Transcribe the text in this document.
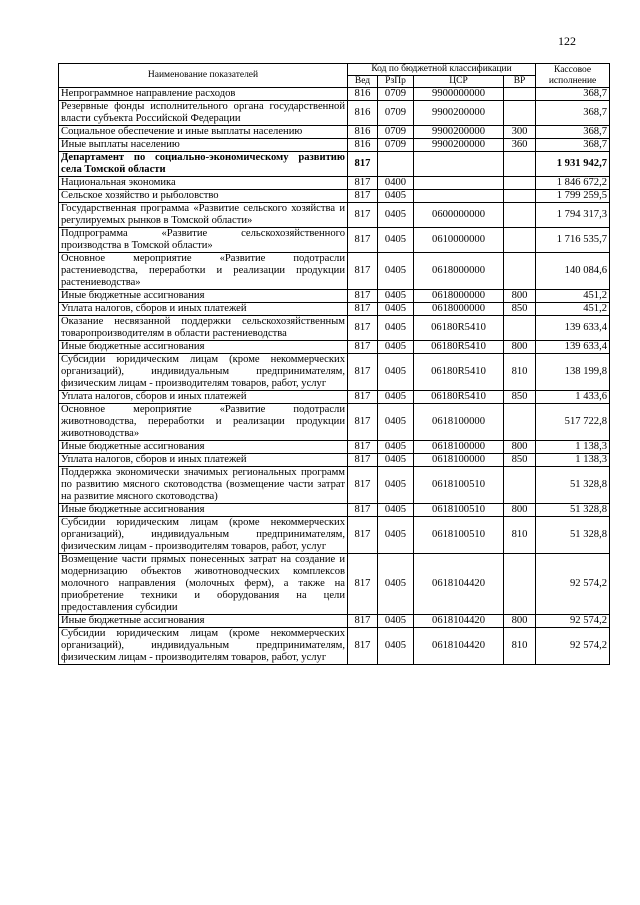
122
Наименование показателей	Код по бюджетной классификации				Кассовое исполнение
	Вед	РзПр	ЦСР	ВР	
Непрограммное направление расходов	816	0709	9900000000		368,7
Резервные фонды исполнительного органа государственной власти субъекта Российской Федерации	816	0709	9900200000		368,7
Социальное обеспечение и иные выплаты населению	816	0709	9900200000	300	368,7
Иные выплаты населению	816	0709	9900200000	360	368,7
Департамент по социально-экономическому развитию села Томской области	817				1 931 942,7
Национальная экономика	817	0400			1 846 672,2
Сельское хозяйство и рыболовство	817	0405			1 799 259,5
Государственная программа «Развитие сельского хозяйства и регулируемых рынков в Томской области»	817	0405	0600000000		1 794 317,3
Подпрограмма «Развитие сельскохозяйственного производства в Томской области»	817	0405	0610000000		1 716 535,7
Основное мероприятие «Развитие подотрасли растениеводства, переработки и реализации продукции растениеводства»	817	0405	0618000000		140 084,6
Иные бюджетные ассигнования	817	0405	0618000000	800	451,2
Уплата налогов, сборов и иных платежей	817	0405	0618000000	850	451,2
Оказание несвязанной поддержки сельскохозяйственным товаропроизводителям в области растениеводства	817	0405	06180R5410		139 633,4
Иные бюджетные ассигнования	817	0405	06180R5410	800	139 633,4
Субсидии юридическим лицам (кроме некоммерческих организаций), индивидуальным предпринимателям, физическим лицам - производителям товаров, работ, услуг	817	0405	06180R5410	810	138 199,8
Уплата налогов, сборов и иных платежей	817	0405	06180R5410	850	1 433,6
Основное мероприятие «Развитие подотрасли животноводства, переработки и реализации продукции животноводства»	817	0405	0618100000		517 722,8
Иные бюджетные ассигнования	817	0405	0618100000	800	1 138,3
Уплата налогов, сборов и иных платежей	817	0405	0618100000	850	1 138,3
Поддержка экономически значимых региональных программ по развитию мясного скотоводства (возмещение части затрат на развитие мясного скотоводства)	817	0405	0618100510		51 328,8
Иные бюджетные ассигнования	817	0405	0618100510	800	51 328,8
Субсидии юридическим лицам (кроме некоммерческих организаций), индивидуальным предпринимателям, физическим лицам - производителям товаров, работ, услуг	817	0405	0618100510	810	51 328,8
Возмещение части прямых понесенных затрат на создание и модернизацию объектов животноводческих комплексов молочного направления (молочных ферм), а также на приобретение техники и оборудования на цели предоставления субсидии	817	0405	0618104420		92 574,2
Иные бюджетные ассигнования	817	0405	0618104420	800	92 574,2
Субсидии юридическим лицам (кроме некоммерческих организаций), индивидуальным предпринимателям, физическим лицам - производителям товаров, работ, услуг	817	0405	0618104420	810	92 574,2
